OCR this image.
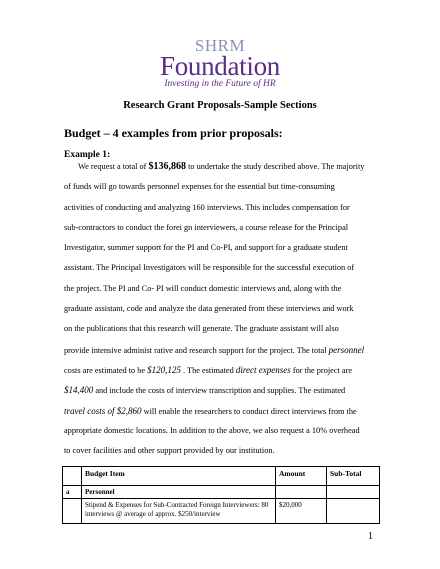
SHRM
Foundation
Investing in the Future of HR
Research Grant Proposals-Sample Sections
Budget – 4 examples from prior proposals:
Example 1:
We request a total of $136,868 to undertake the study described above. The majority
of funds will go towards personnel expenses for the essential but time-consuming
activities of conducting and analyzing 160 interviews. This includes compensation for
sub-contractors to conduct the forei gn interviewers, a course release for the Principal
Investigator, summer support for the PI and Co-PI, and support for a graduate student
assistant. The Principal Investigators will be responsible for the successful execution of
the project. The PI and Co- PI will conduct domestic interviews and, along with the
graduate assistant, code and analyze the data generated from these interviews and work
on the publications that this research will generate. The graduate assistant will also
provide intensive administ rative and research support for the project. The total personnel
costs are estimated to be $120,125 . The estimated direct expenses for the project are
$14,400 and include the costs of interview transcription and supplies. The estimated
travel costs of $2,860 will enable the researchers to conduct direct interviews from the
appropriate domestic locations. In addition to the above, we also request a 10% overhead
to cover facilities and other support provided by our institution.
	Budget Item	Amount	Sub-Total
a	Personnel		
	Stipend & Expenses for Sub-Contracted Foreign Interviewers: 80 interviews @ average of approx. $250/interview	$20,000	
1
